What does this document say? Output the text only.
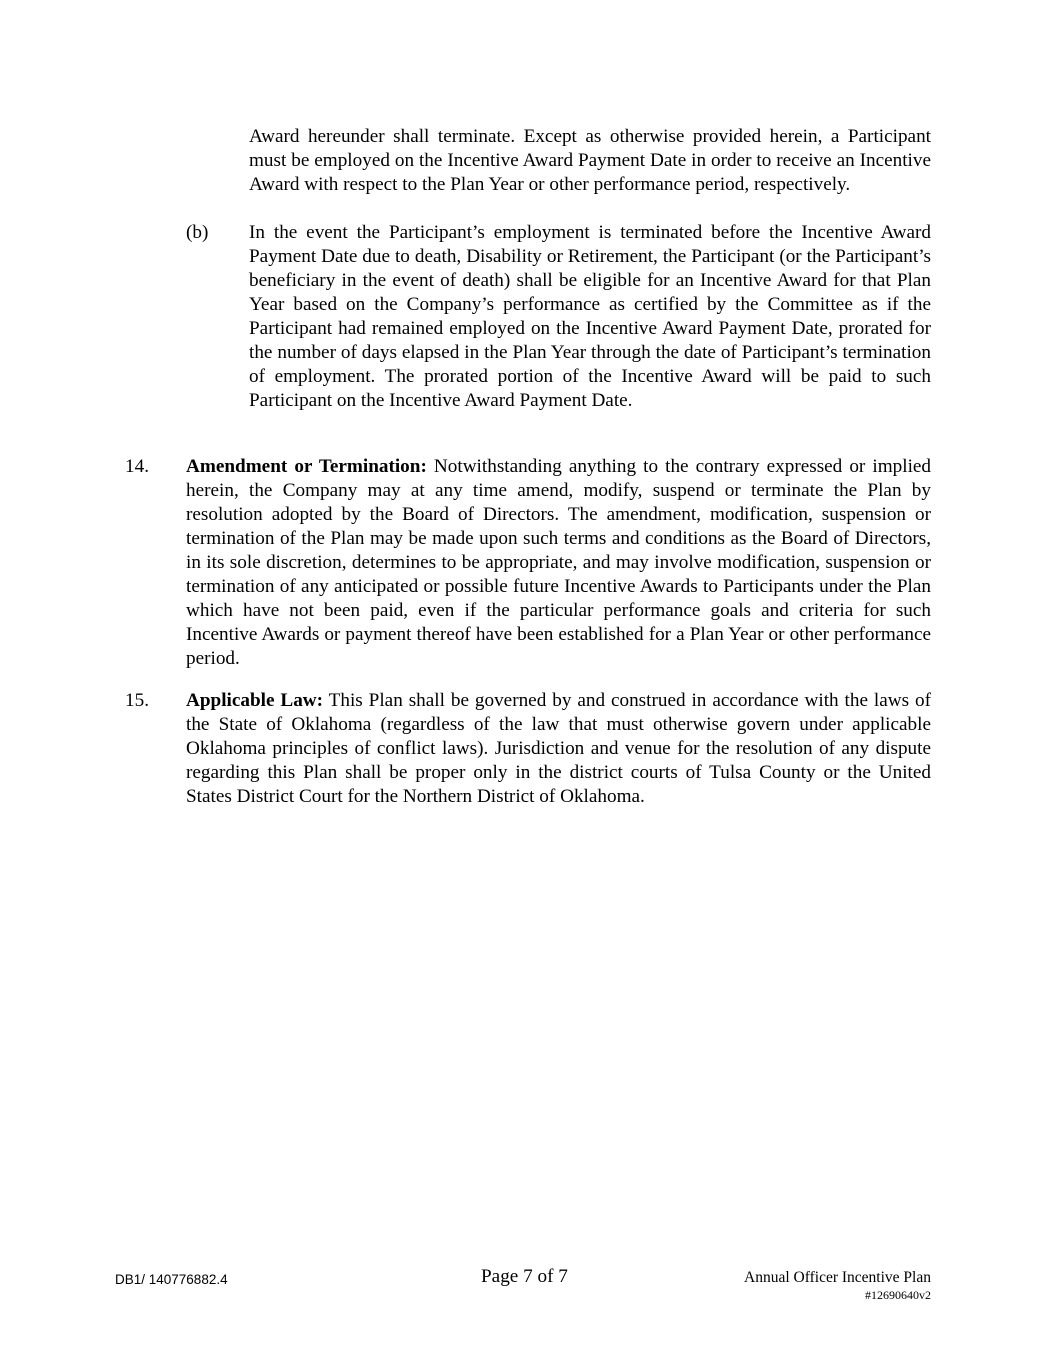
Award hereunder shall terminate. Except as otherwise provided herein, a Participant must be employed on the Incentive Award Payment Date in order to receive an Incentive Award with respect to the Plan Year or other performance period, respectively.
(b) In the event the Participant’s employment is terminated before the Incentive Award Payment Date due to death, Disability or Retirement, the Participant (or the Participant’s beneficiary in the event of death) shall be eligible for an Incentive Award for that Plan Year based on the Company’s performance as certified by the Committee as if the Participant had remained employed on the Incentive Award Payment Date, prorated for the number of days elapsed in the Plan Year through the date of Participant’s termination of employment. The prorated portion of the Incentive Award will be paid to such Participant on the Incentive Award Payment Date.
14. Amendment or Termination: Notwithstanding anything to the contrary expressed or implied herein, the Company may at any time amend, modify, suspend or terminate the Plan by resolution adopted by the Board of Directors. The amendment, modification, suspension or termination of the Plan may be made upon such terms and conditions as the Board of Directors, in its sole discretion, determines to be appropriate, and may involve modification, suspension or termination of any anticipated or possible future Incentive Awards to Participants under the Plan which have not been paid, even if the particular performance goals and criteria for such Incentive Awards or payment thereof have been established for a Plan Year or other performance period.
15. Applicable Law: This Plan shall be governed by and construed in accordance with the laws of the State of Oklahoma (regardless of the law that must otherwise govern under applicable Oklahoma principles of conflict laws). Jurisdiction and venue for the resolution of any dispute regarding this Plan shall be proper only in the district courts of Tulsa County or the United States District Court for the Northern District of Oklahoma.
DB1/ 140776882.4	Page 7 of 7	Annual Officer Incentive Plan
#12690640v2
